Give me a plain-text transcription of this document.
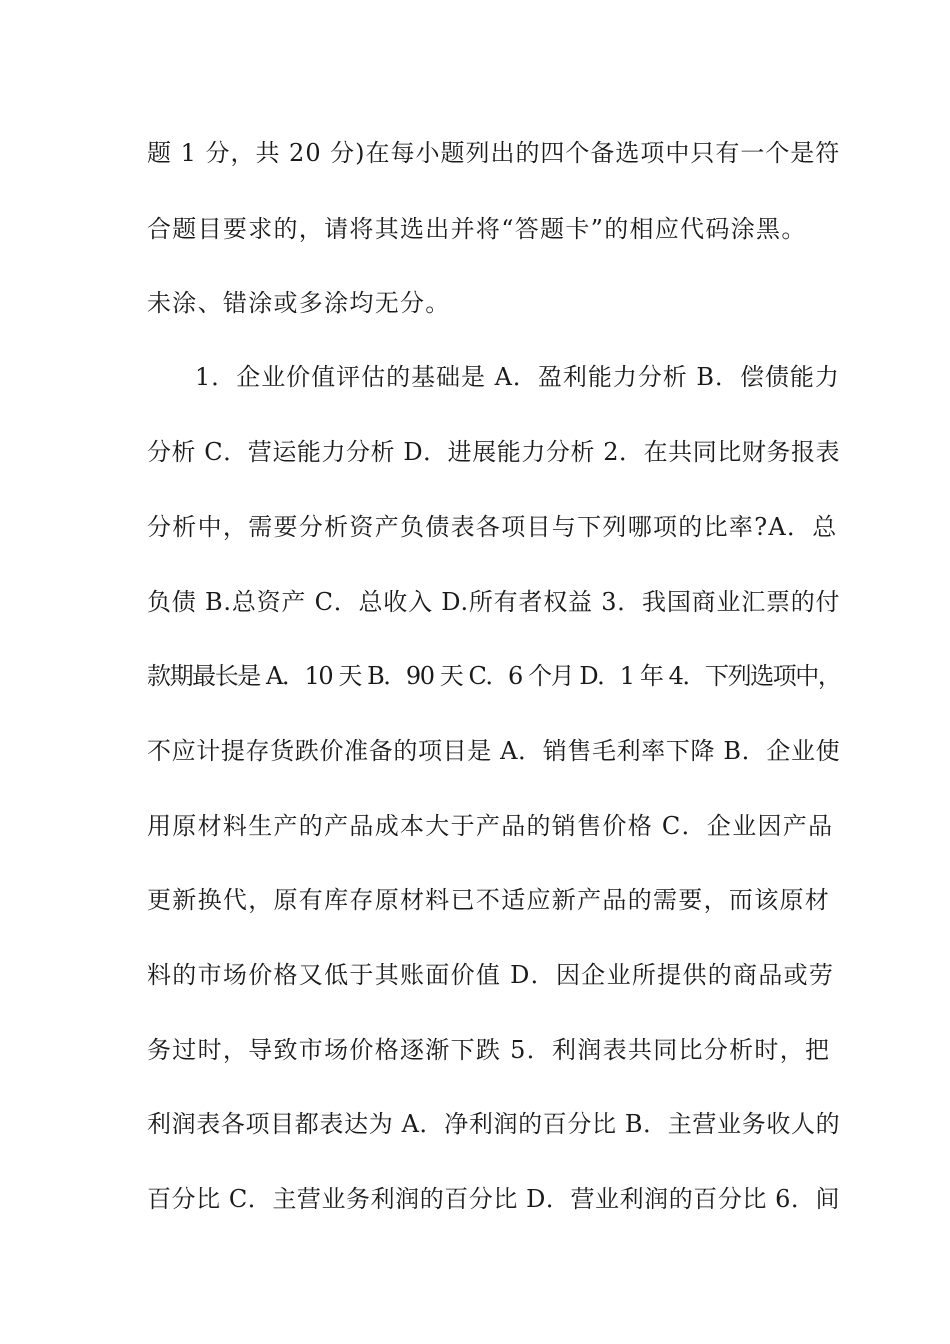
题 1 分，共 20 分)在每小题列出的四个备选项中只有一个是符
合题目要求的，请将其选出并将“答题卡”的相应代码涂黑。
未涂、错涂或多涂均无分。
1．企业价值评估的基础是 A．盈利能力分析 B．偿债能力
分析 C．营运能力分析 D．进展能力分析 2．在共同比财务报表
分析中，需要分析资产负债表各项目与下列哪项的比率?A．总
负债 B.总资产 C．总收入 D.所有者权益 3．我国商业汇票的付
款期最长是 A．10 天 B．90 天 C．6 个月 D．1 年 4．下列选项中，
不应计提存货跌价准备的项目是 A．销售毛利率下降 B．企业使
用原材料生产的产品成本大于产品的销售价格 C．企业因产品
更新换代，原有库存原材料已不适应新产品的需要，而该原材
料的市场价格又低于其账面价值 D．因企业所提供的商品或劳
务过时，导致市场价格逐渐下跌 5．利润表共同比分析时，把
利润表各项目都表达为 A．净利润的百分比 B．主营业务收人的
百分比 C．主营业务利润的百分比 D．营业利润的百分比 6．间
